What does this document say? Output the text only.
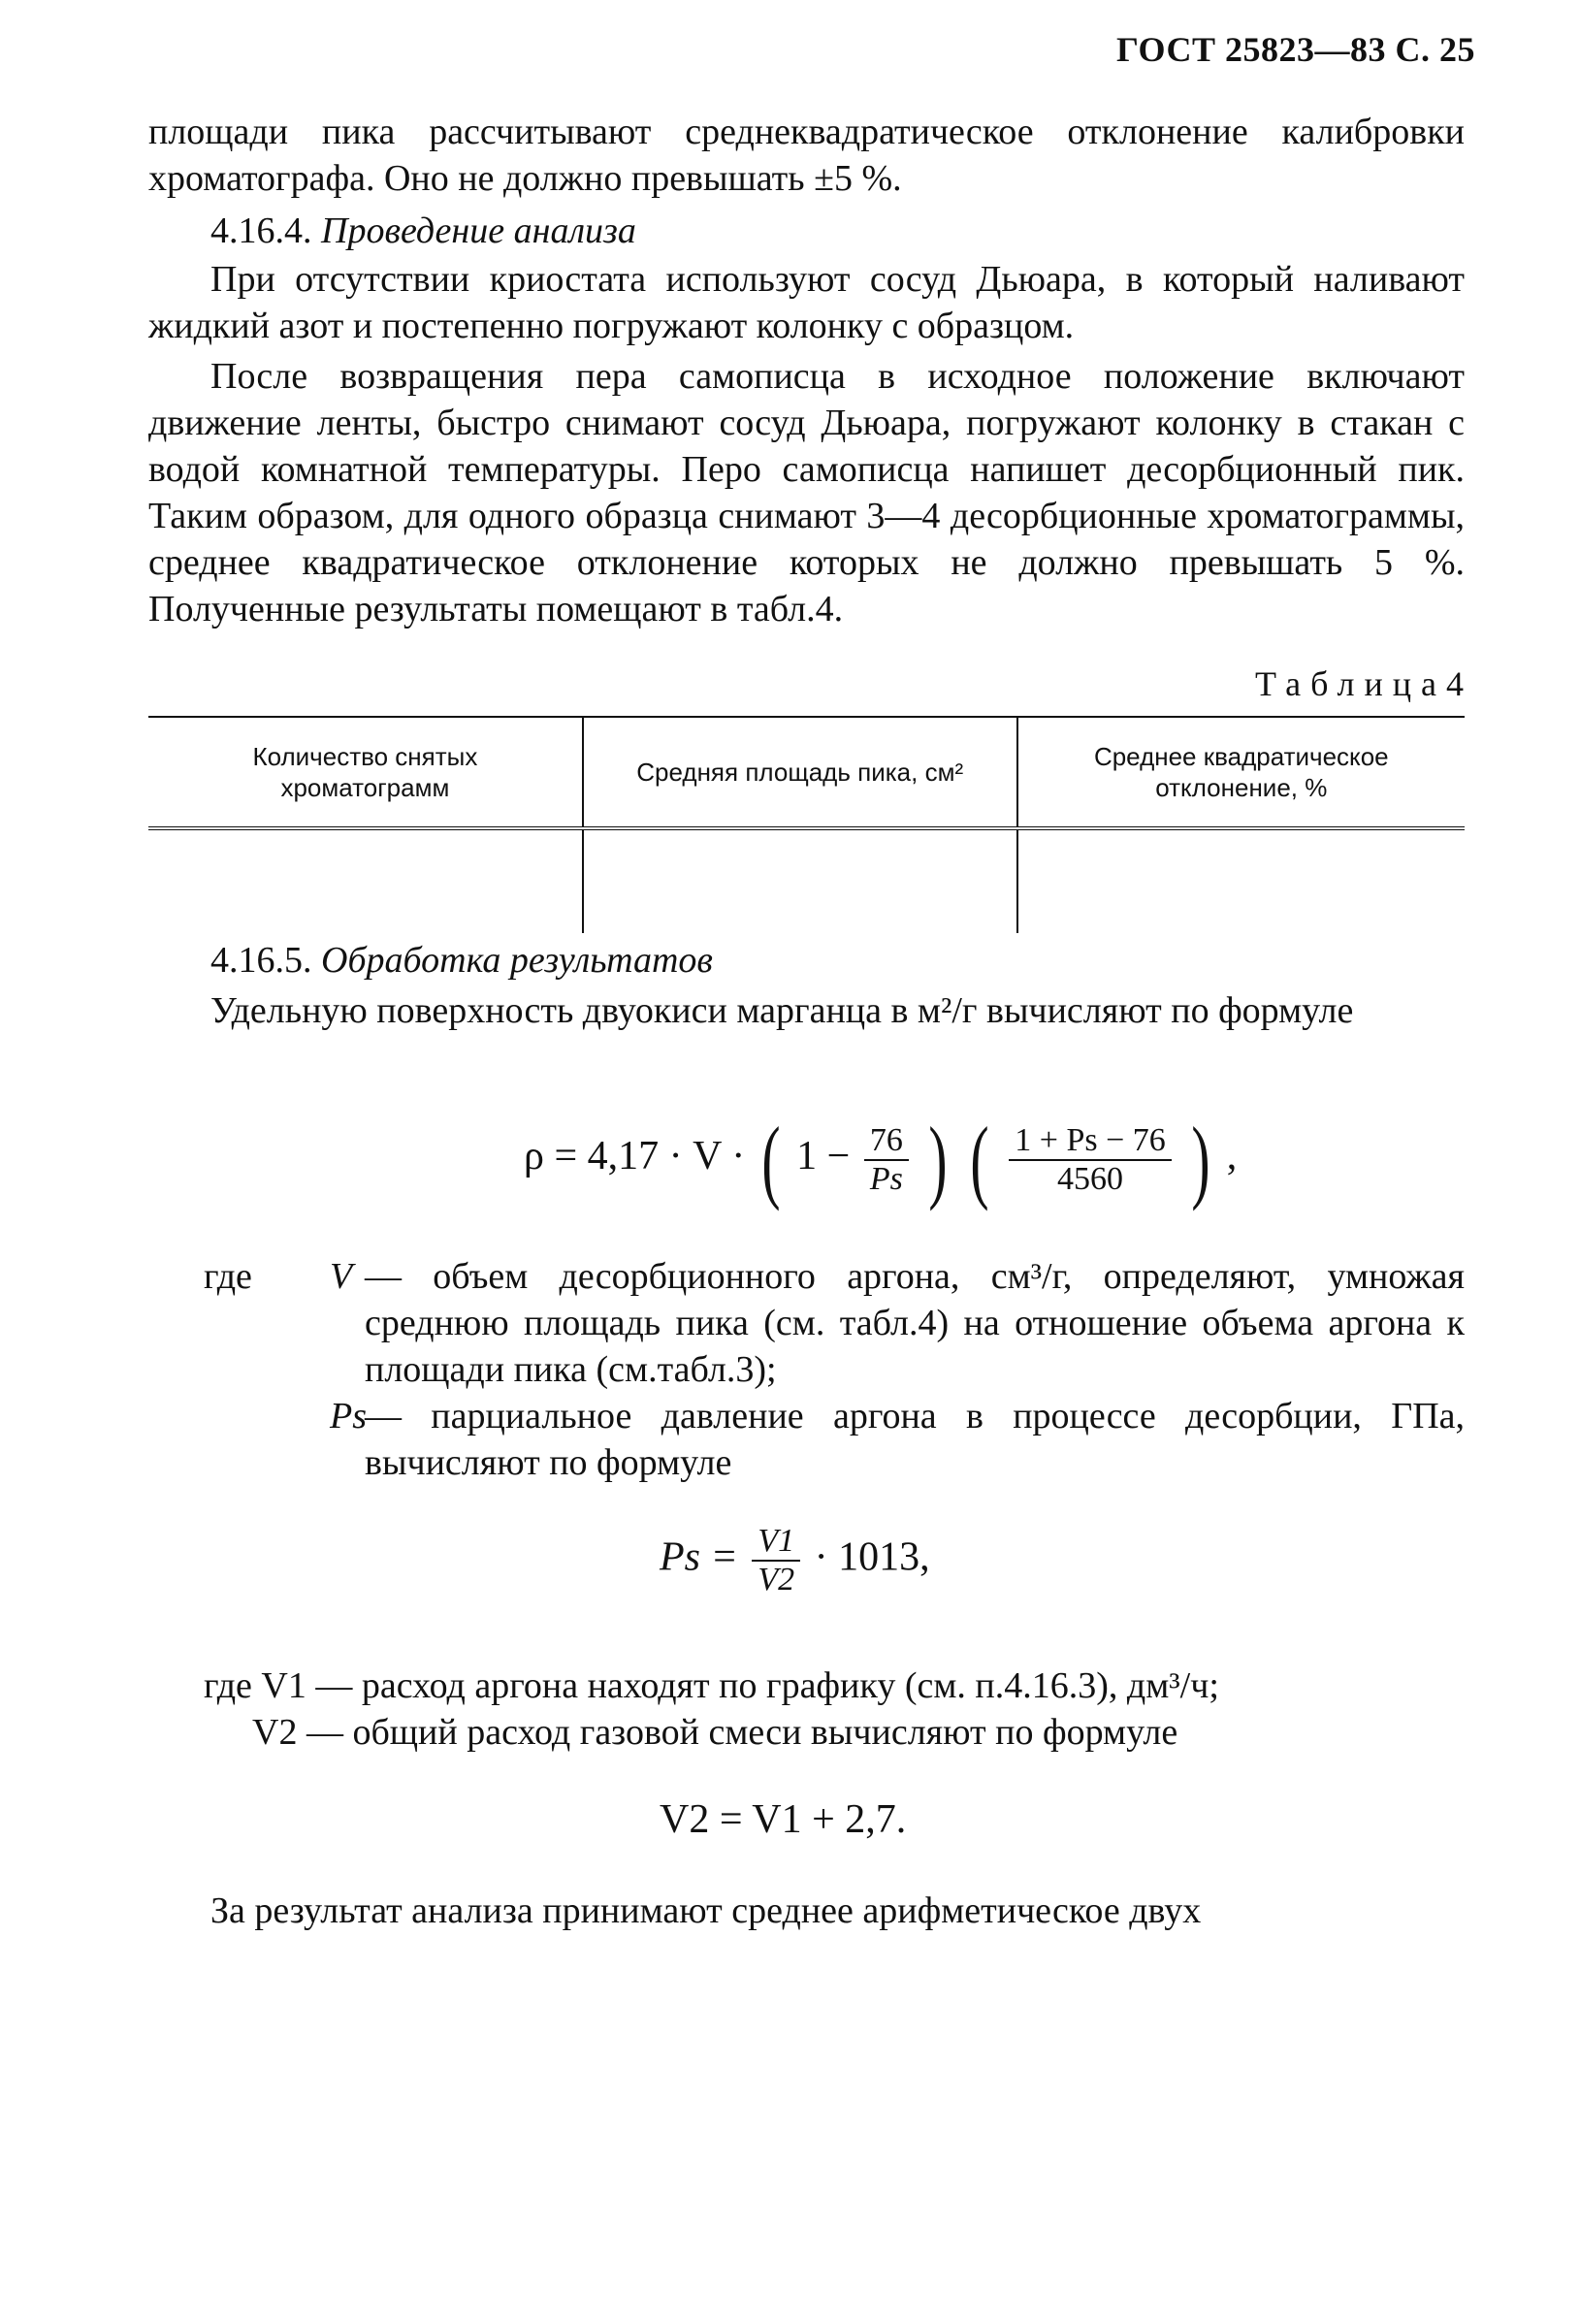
ГОСТ 25823—83 С. 25
площади пика рассчитывают среднеквадратическое отклонение калибровки хроматографа. Оно не должно превышать ±5 %.
4.16.4. Проведение анализа
При отсутствии криостата используют сосуд Дьюара, в который наливают жидкий азот и постепенно погружают колонку с образцом.
После возвращения пера самописца в исходное положение включают движение ленты, быстро снимают сосуд Дьюара, погружают колонку в стакан с водой комнатной температуры. Перо самописца напишет десорбционный пик. Таким образом, для одного образца снимают 3—4 десорбционные хроматограммы, среднее квадратическое отклонение которых не должно превышать 5 %. Полученные результаты помещают в табл.4.
Таблица4
Количество снятых хроматограмм	Средняя площадь пика, см²	Среднее квадратическое отклонение, %

4.16.5. Обработка результатов
Удельную поверхность двуокиси марганца в м²/г вычисляют по формуле
ρ = 4,17 · V · ( $1 - \frac{76}{Ps}$ ) ( $\frac{1 + Ps - 76}{4560}$ ) ,
где V — объем десорбционного аргона, см³/г, определяют, умножая среднюю площадь пика (см. табл.4) на отношение объема аргона к площади пика (см.табл.3);
Ps
— парциальное давление аргона в процессе десорбции, ГПа, вычисляют по формуле
$Ps = \frac{V1}{V2} \cdot 1013$,
где V1 — расход аргона находят по графику (см. п.4.16.3), дм³/ч;
V2 — общий расход газовой смеси вычисляют по формуле
V2 = V1 + 2,7.
За результат анализа принимают среднее арифметическое двух
